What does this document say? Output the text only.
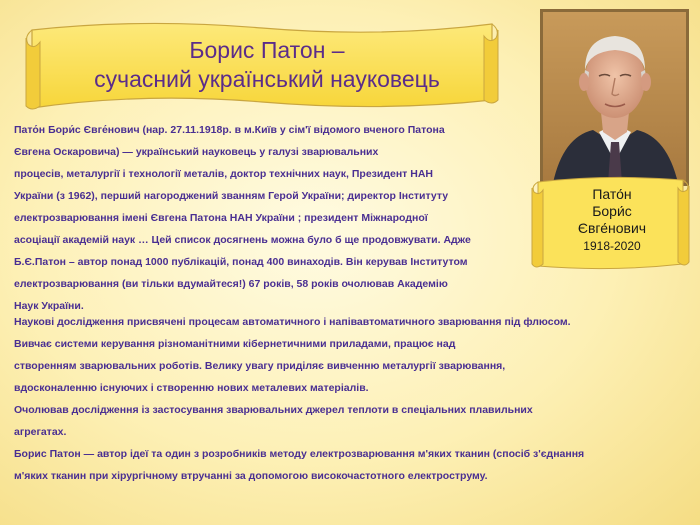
Борис Патон –
сучасний український науковець
Пато́н
Бори́с
Євге́нович
1918-2020
Пато́н Бори́с Євге́нович (нар. 27.11.1918р. в м.Київ у сім'ї відомого вченого Патона
Євгена Оскаровича) — український науковець у галузі зварювальних
процесів, металургії і технології металів, доктор технічних наук, Президент НАН
України (з 1962), перший нагороджений званням Герой України; директор Інституту
електрозварювання імені Євгена Патона НАН України ; президент Міжнародної
асоціації академій наук … Цей список досягнень можна було б ще продовжувати. Адже
Б.Є.Патон – автор понад 1000 публікацій, понад 400 винаходів. Він керував Інститутом
електрозварювання (ви тільки вдумайтеся!) 67 років, 58 років очолював Академію
Наук України.
Наукові дослідження присвячені процесам автоматичного і напівавтоматичного зварювання під флюсом.
Вивчає системи керування різноманітними кібернетичними приладами, працює над
створенням зварювальних роботів. Велику увагу приділяє вивченню металургії зварювання,
вдосконаленню існуючих і створенню нових металевих матеріалів.
Очолював дослідження із застосування зварювальних джерел теплоти в спеціальних плавильних
агрегатах.
Борис Патон — автор ідеї та один з розробників методу електрозварювання м'яких тканин (спосіб з'єднання
м'яких тканин при хірургічному втручанні за допомогою високочастотного електроструму.
